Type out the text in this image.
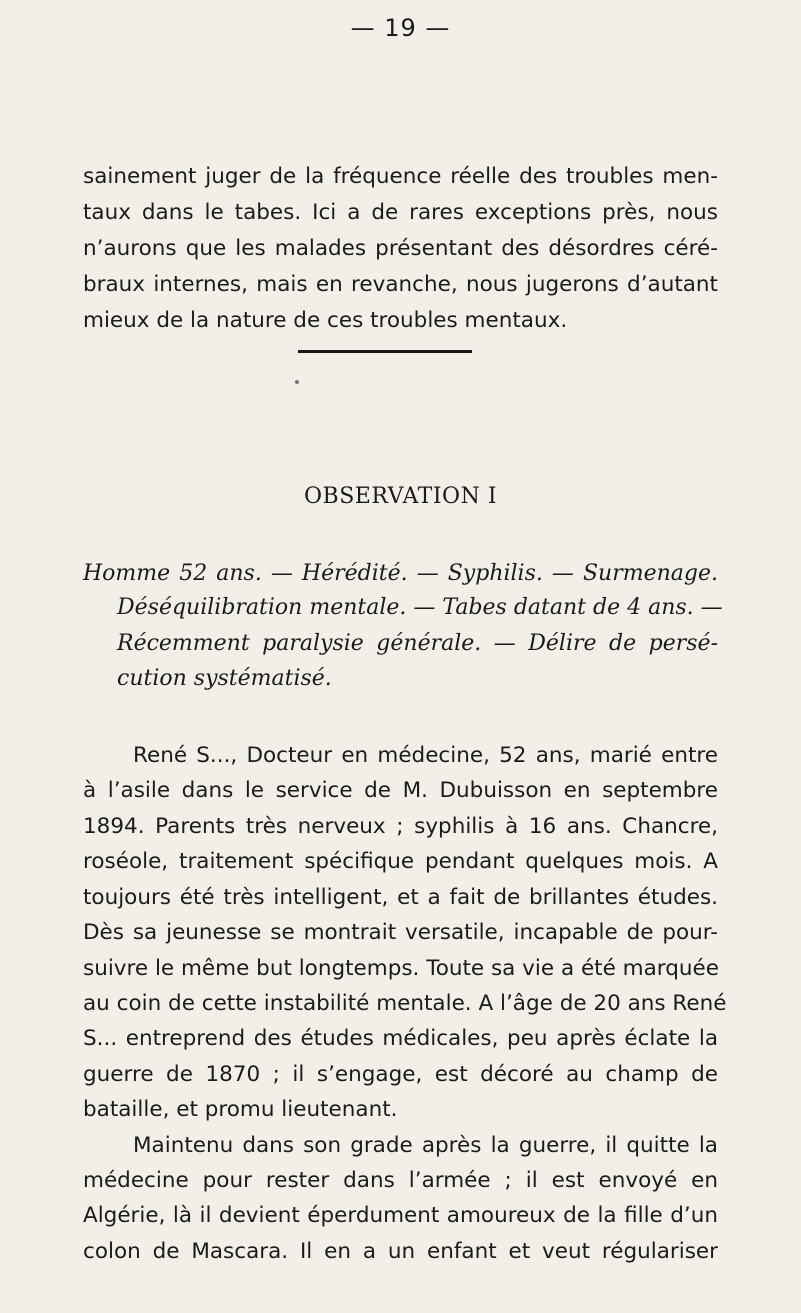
— 19 —
sainement juger de la fréquence réelle des troubles men-
taux dans le tabes. Ici a de rares exceptions près, nous
n’aurons que les malades présentant des désordres céré-
braux internes, mais en revanche, nous jugerons d’autant
mieux de la nature de ces troubles mentaux.
OBSERVATION I
Homme 52 ans. — Hérédité. — Syphilis. — Surmenage.
Déséquilibration mentale. — Tabes datant de 4 ans. —
Récemment paralysie générale. — Délire de persé-
cution systématisé.
René S..., Docteur en médecine, 52 ans, marié entre
à l’asile dans le service de M. Dubuisson en septembre
1894. Parents très nerveux ; syphilis à 16 ans. Chancre,
roséole, traitement spécifique pendant quelques mois. A
toujours été très intelligent, et a fait de brillantes études.
Dès sa jeunesse se montrait versatile, incapable de pour-
suivre le même but longtemps. Toute sa vie a été marquée
au coin de cette instabilité mentale. A l’âge de 20 ans René
S... entreprend des études médicales, peu après éclate la
guerre de 1870 ; il s’engage, est décoré au champ de
bataille, et promu lieutenant.
Maintenu dans son grade après la guerre, il quitte la
médecine pour rester dans l’armée ; il est envoyé en
Algérie, là il devient éperdument amoureux de la fille d’un
colon de Mascara. Il en a un enfant et veut régulariser
